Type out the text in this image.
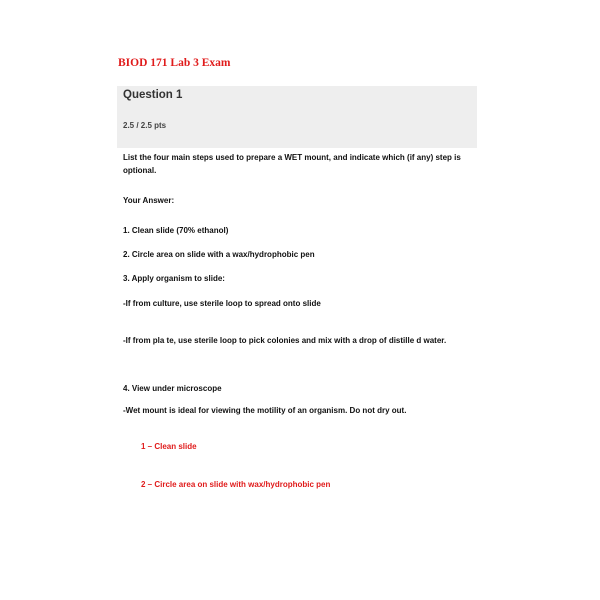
BIOD 171 Lab 3 Exam
Question 1
2.5 / 2.5 pts
List the four main steps used to prepare a WET mount, and indicate which (if any) step is optional.
Your Answer:
1. Clean slide (70% ethanol)
2. Circle area on slide with a wax/hydrophobic pen
3. Apply organism to slide:
-If from culture, use sterile loop to spread onto slide
-If from pla te, use sterile loop to pick colonies and mix with a drop of distille d water.
4. View under microscope
-Wet mount is ideal for viewing the motility of an organism. Do not dry out.
1 – Clean slide
2 – Circle area on slide with wax/hydrophobic pen
